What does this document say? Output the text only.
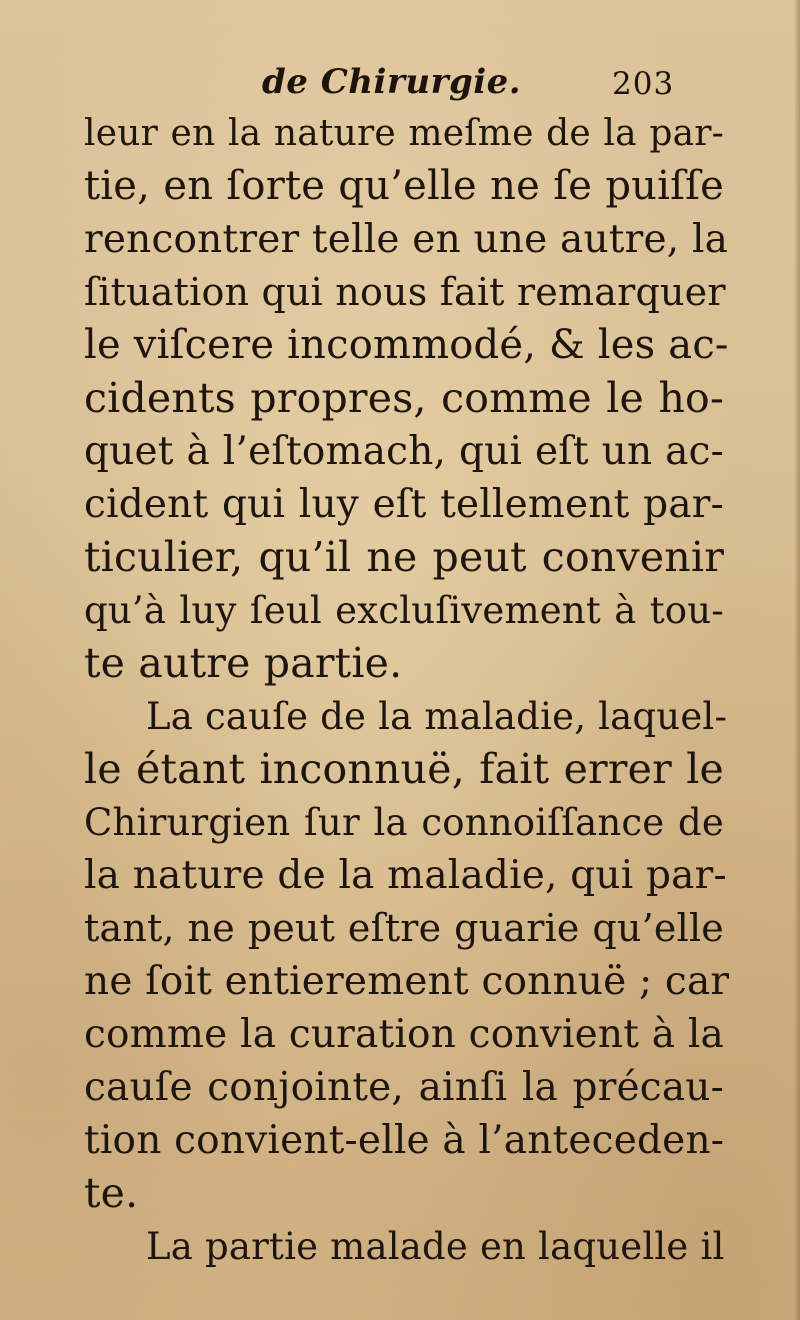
de Chirurgie.	203
leur en la nature meſme de la par-
tie, en ſorte qu’elle ne ſe puiſſe
rencontrer telle en une autre, la
ſituation qui nous fait remarquer
le viſcere incommodé, & les ac-
cidents propres, comme le ho-
quet à l’eſtomach, qui eſt un ac-
cident qui luy eſt tellement par-
ticulier, qu’il ne peut convenir
qu’à luy ſeul excluſivement à tou-
te autre partie.
La cauſe de la maladie, laquel-
le étant inconnuë, fait errer le
Chirurgien ſur la connoiſſance de
la nature de la maladie, qui par-
tant, ne peut eſtre guarie qu’elle
ne ſoit entierement connuë ; car
comme la curation convient à la
cauſe conjointe, ainſi la précau-
tion convient-elle à l’anteceden-
te.
La partie malade en laquelle il
